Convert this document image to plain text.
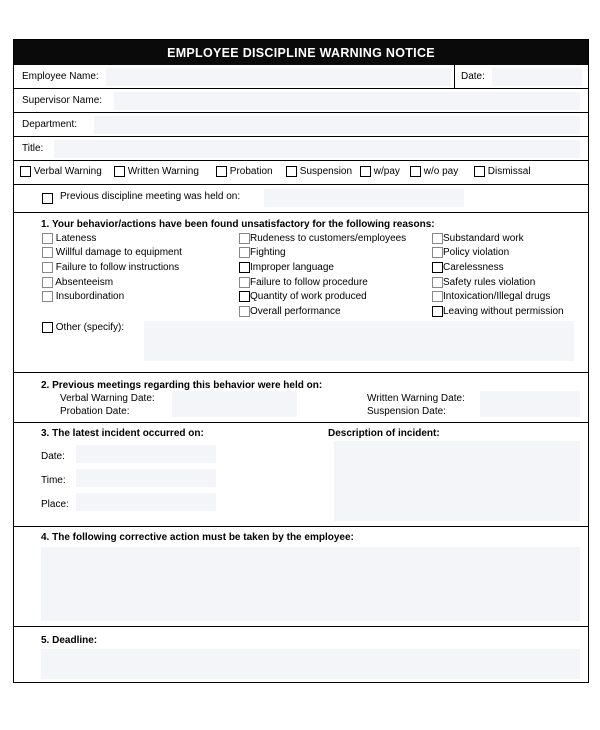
EMPLOYEE DISCIPLINE WARNING NOTICE
Employee Name:	Date:
Supervisor Name:
Department:
Title:
Verbal Warning	Written Warning	Probation	Suspension	w/pay	w/o pay	Dismissal
Previous discipline meeting was held on:
1. Your behavior/actions have been found unsatisfactory for the following reasons:
Lateness
Willful damage to equipment
Failure to follow instructions
Absenteeism
Insubordination
Rudeness to customers/employees
Fighting
Improper language
Failure to follow procedure
Quantity of work produced
Overall performance
Substandard work
Policy violation
Carelessness
Safety rules violation
Intoxication/Illegal drugs
Leaving without permission
Other (specify):
2. Previous meetings regarding this behavior were held on:
Verbal Warning Date:	Written Warning Date:
Probation Date:	Suspension Date:
3. The latest incident occurred on:	Description of incident:
Date:
Time:
Place:
4. The following corrective action must be taken by the employee:
5. Deadline:
